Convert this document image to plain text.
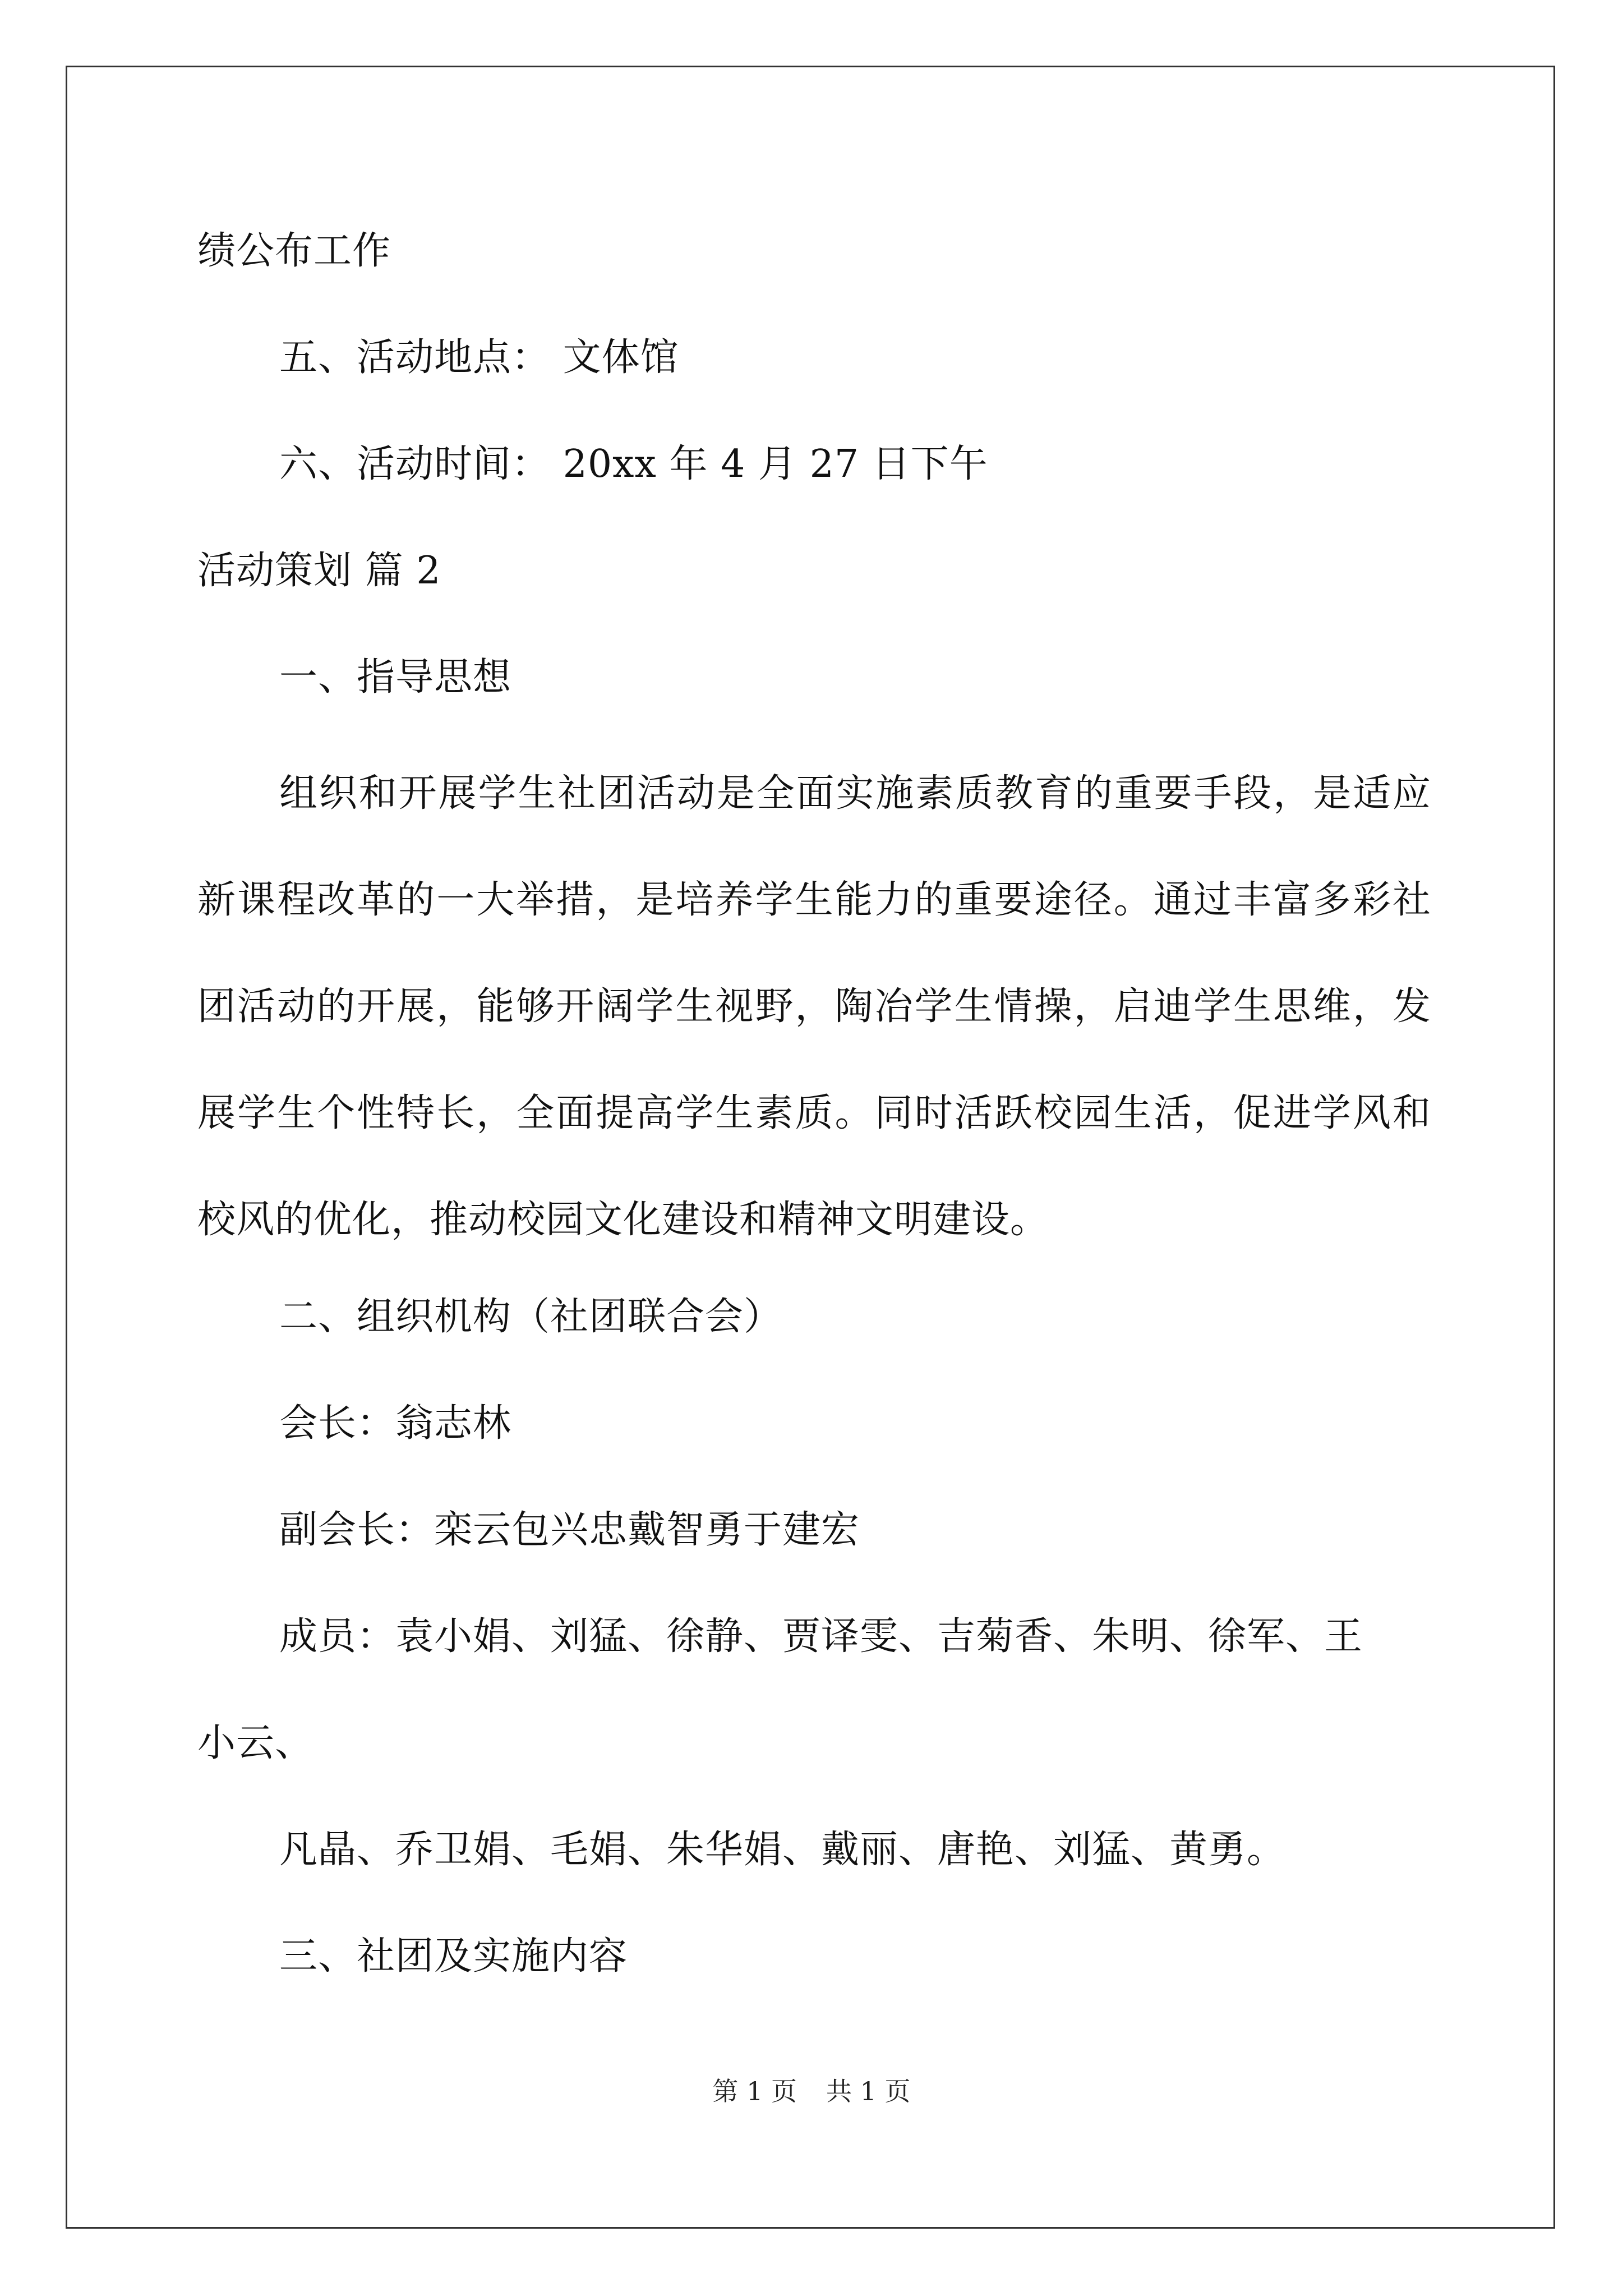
绩公布工作
五、活动地点： 文体馆
六、活动时间： 20xx 年 4 月 27 日下午
活动策划 篇 2
一、指导思想
组织和开展学生社团活动是全面实施素质教育的重要手段，是适应新课程改革的一大举措，是培养学生能力的重要途径。通过丰富多彩社团活动的开展，能够开阔学生视野，陶冶学生情操，启迪学生思维，发展学生个性特长，全面提高学生素质。同时活跃校园生活，促进学风和校风的优化，推动校园文化建设和精神文明建设。
二、组织机构（社团联合会）
会长：翁志林
副会长：栾云包兴忠戴智勇于建宏
成员：袁小娟、刘猛、徐静、贾译雯、吉菊香、朱明、徐军、王
小云、
凡晶、乔卫娟、毛娟、朱华娟、戴丽、唐艳、刘猛、黄勇。
三、社团及实施内容
第 1 页 共 1 页
